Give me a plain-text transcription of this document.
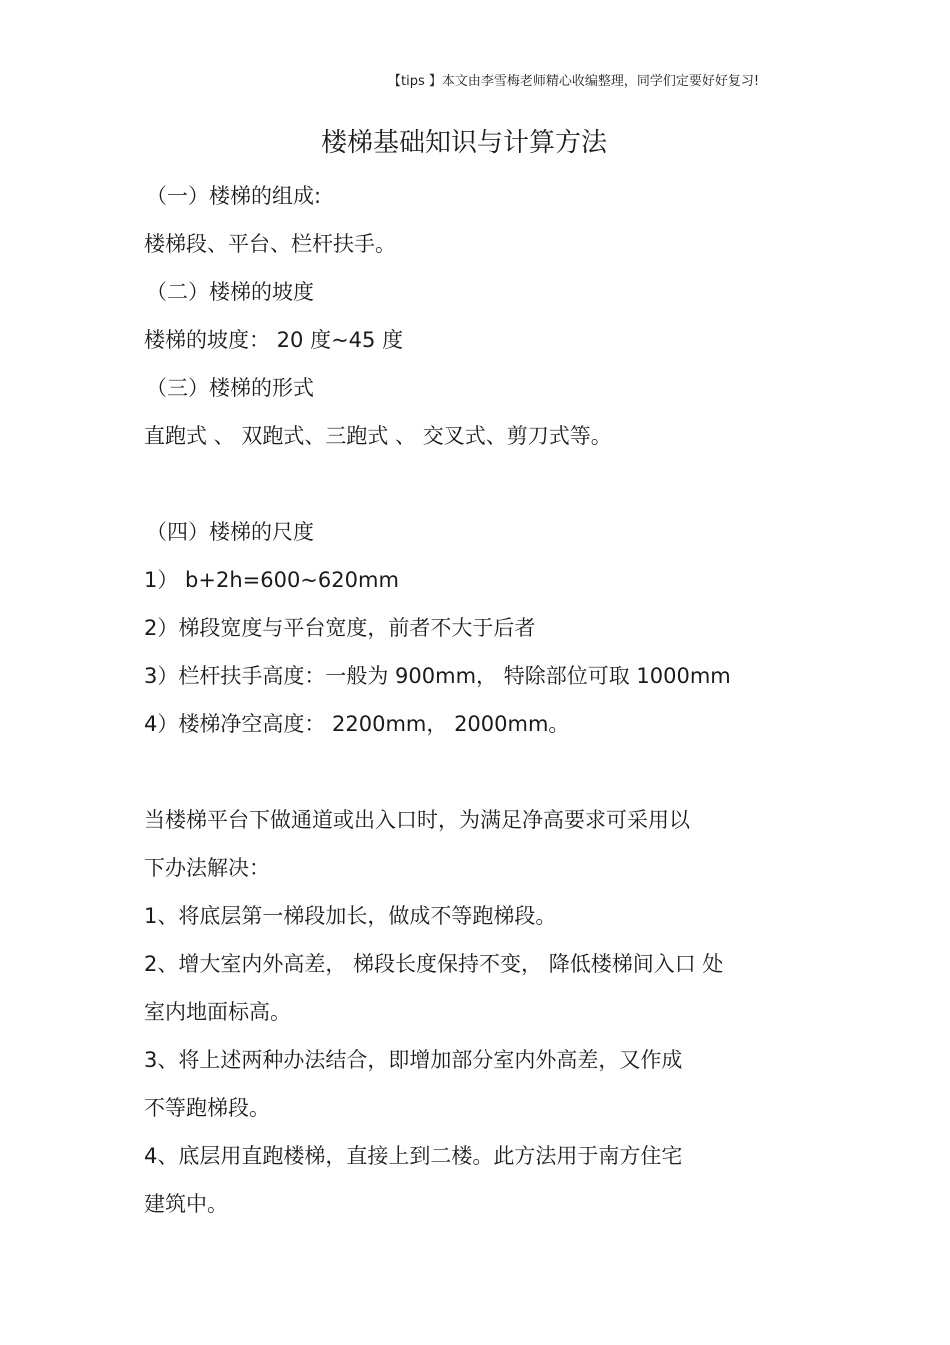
【tips 】本文由李雪梅老师精心收编整理，同学们定要好好复习!
楼梯基础知识与计算方法
（一）楼梯的组成:
楼梯段、平台、栏杆扶手。
（二）楼梯的坡度
楼梯的坡度： 20 度~45 度
（三）楼梯的形式
直跑式 、 双跑式、三跑式 、 交叉式、剪刀式等。
（四）楼梯的尺度
1） b+2h=600~620mm
2）梯段宽度与平台宽度，前者不大于后者
3）栏杆扶手高度：一般为 900mm， 特除部位可取 1000mm
4）楼梯净空高度： 2200mm， 2000mm。
当楼梯平台下做通道或出入口时，为满足净高要求可采用以
下办法解决：
1、将底层第一梯段加长，做成不等跑梯段。
2、增大室内外高差， 梯段长度保持不变， 降低楼梯间入口 处
室内地面标高。
3、将上述两种办法结合，即增加部分室内外高差，又作成
不等跑梯段。
4、底层用直跑楼梯，直接上到二楼。此方法用于南方住宅
建筑中。
